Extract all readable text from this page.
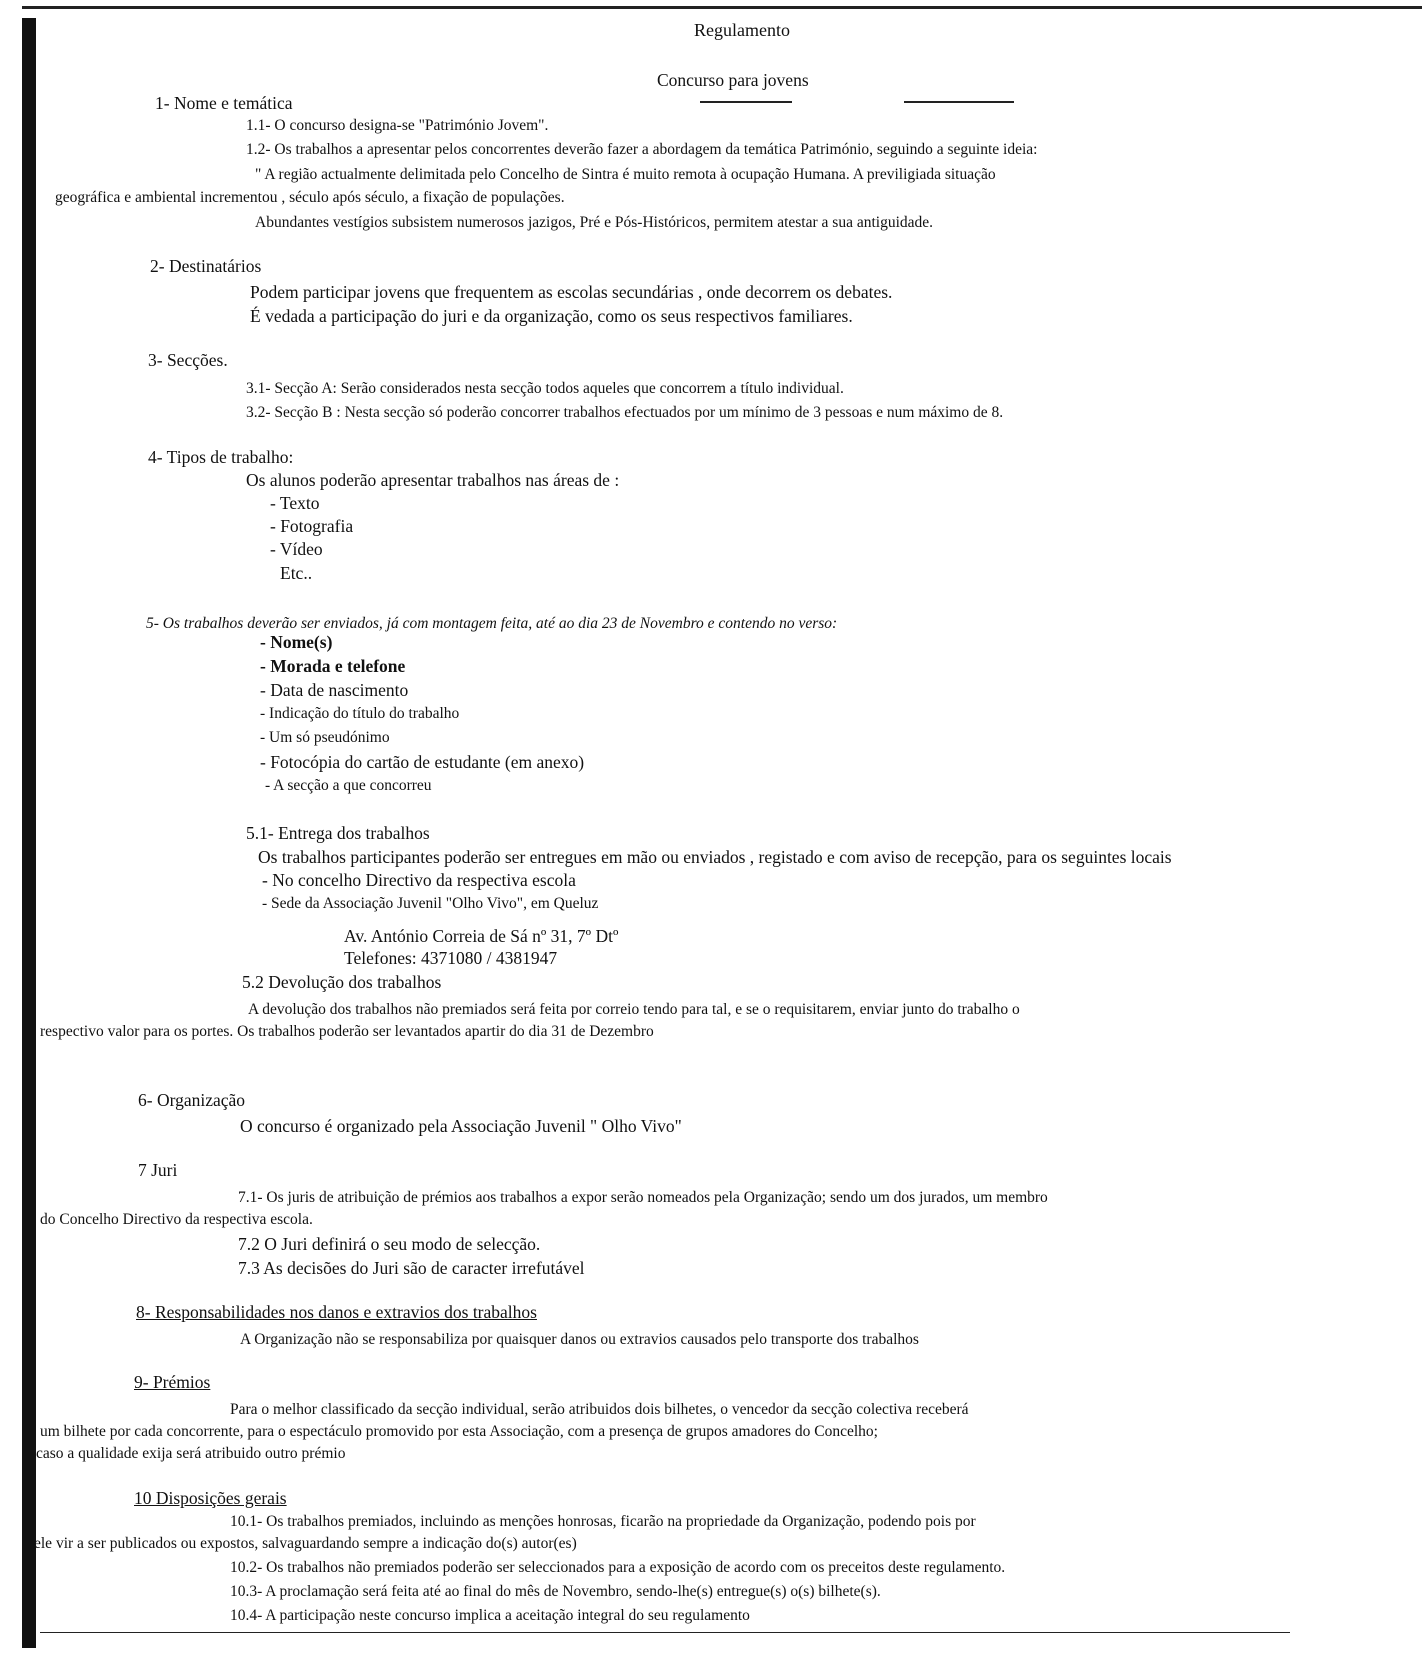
Regulamento
Concurso para jovens
1- Nome e temática
1.1- O concurso designa-se "Património Jovem".
1.2- Os trabalhos a apresentar pelos concorrentes deverão fazer a abordagem da temática Património, seguindo a seguinte ideia:
" A região actualmente delimitada pelo Concelho de Sintra é muito remota à ocupação Humana. A previligiada situação
geográfica e ambiental incrementou , século após século, a fixação de populações.
Abundantes vestígios subsistem numerosos jazigos, Pré e Pós-Históricos, permitem atestar a sua antiguidade.
2- Destinatários
Podem participar jovens que frequentem as escolas secundárias , onde decorrem os debates.
É vedada a participação do juri e da organização, como os seus respectivos familiares.
3- Secções.
3.1- Secção A: Serão considerados nesta secção todos aqueles que concorrem a título individual.
3.2- Secção B : Nesta secção só poderão concorrer trabalhos efectuados por um mínimo de 3 pessoas e num máximo de 8.
4- Tipos de trabalho:
Os alunos poderão apresentar trabalhos nas áreas de :
- Texto
- Fotografia
- Vídeo
Etc..
5- Os trabalhos deverão ser enviados, já com montagem feita, até ao dia 23 de Novembro e contendo no verso:
- Nome(s)
- Morada e telefone
- Data de nascimento
- Indicação do título do trabalho
- Um só pseudónimo
- Fotocópia do cartão de estudante (em anexo)
- A secção a que concorreu
5.1- Entrega dos trabalhos
Os trabalhos participantes poderão ser entregues em mão ou enviados , registado e com aviso de recepção, para os seguintes locais
- No concelho Directivo da respectiva escola
- Sede da Associação Juvenil "Olho Vivo", em Queluz
Av. António Correia de Sá nº 31, 7º Dtº
Telefones: 4371080 / 4381947
5.2 Devolução dos trabalhos
A devolução dos trabalhos não premiados será feita por correio tendo para tal, e se o requisitarem, enviar junto do trabalho o
respectivo valor para os portes. Os trabalhos poderão ser levantados apartir do dia 31 de Dezembro
6- Organização
O concurso é organizado pela Associação Juvenil " Olho Vivo"
7 Juri
7.1- Os juris de atribuição de prémios aos trabalhos a expor serão nomeados pela Organização; sendo um dos jurados, um membro
do Concelho Directivo da respectiva escola.
7.2 O Juri definirá o seu modo de selecção.
7.3 As decisões do Juri são de caracter irrefutável
8- Responsabilidades nos danos e extravios dos trabalhos
A Organização não se responsabiliza por quaisquer danos ou extravios causados pelo transporte dos trabalhos
9- Prémios
Para o melhor classificado da secção individual, serão atribuidos dois bilhetes, o vencedor da secção colectiva receberá
um bilhete por cada concorrente, para o espectáculo promovido por esta Associação, com a presença de grupos amadores do Concelho;
caso a qualidade exija será atribuido outro prémio
10 Disposições gerais
10.1- Os trabalhos premiados, incluindo as menções honrosas, ficarão na propriedade da Organização, podendo pois por
ele vir a ser publicados ou expostos, salvaguardando sempre a indicação do(s) autor(es)
10.2- Os trabalhos não premiados poderão ser seleccionados para a exposição de acordo com os preceitos deste regulamento.
10.3- A proclamação será feita até ao final do mês de Novembro, sendo-lhe(s) entregue(s) o(s) bilhete(s).
10.4- A participação neste concurso implica a aceitação integral do seu regulamento
